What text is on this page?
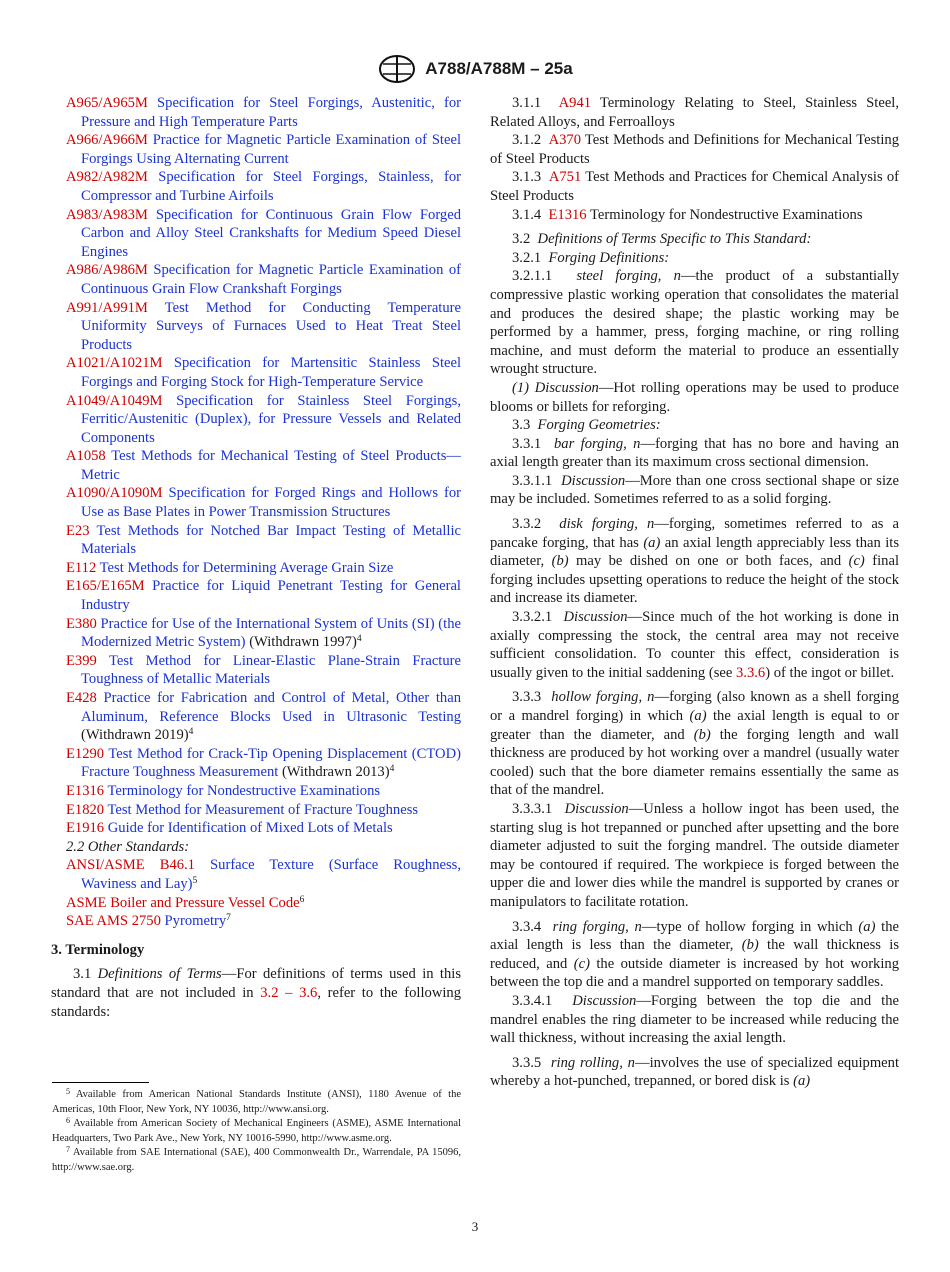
A788/A788M – 25a

A965/A965M Specification for Steel Forgings, Austenitic, for Pressure and High Temperature Parts

A966/A966M Practice for Magnetic Particle Examination of Steel Forgings Using Alternating Current

A982/A982M Specification for Steel Forgings, Stainless, for Compressor and Turbine Airfoils

A983/A983M Specification for Continuous Grain Flow Forged Carbon and Alloy Steel Crankshafts for Medium Speed Diesel Engines

A986/A986M Specification for Magnetic Particle Examination of Continuous Grain Flow Crankshaft Forgings

A991/A991M Test Method for Conducting Temperature Uniformity Surveys of Furnaces Used to Heat Treat Steel Products

A1021/A1021M Specification for Martensitic Stainless Steel Forgings and Forging Stock for High-Temperature Service

A1049/A1049M Specification for Stainless Steel Forgings, Ferritic/Austenitic (Duplex), for Pressure Vessels and Related Components

A1058 Test Methods for Mechanical Testing of Steel Products—Metric

A1090/A1090M Specification for Forged Rings and Hollows for Use as Base Plates in Power Transmission Structures

E23 Test Methods for Notched Bar Impact Testing of Metallic Materials

E112 Test Methods for Determining Average Grain Size

E165/E165M Practice for Liquid Penetrant Testing for General Industry

E380 Practice for Use of the International System of Units (SI) (the Modernized Metric System) (Withdrawn 1997)$^4$

E399 Test Method for Linear-Elastic Plane-Strain Fracture Toughness of Metallic Materials

E428 Practice for Fabrication and Control of Metal, Other than Aluminum, Reference Blocks Used in Ultrasonic Testing (Withdrawn 2019)$^4$

E1290 Test Method for Crack-Tip Opening Displacement (CTOD) Fracture Toughness Measurement (Withdrawn 2013)$^4$

E1316 Terminology for Nondestructive Examinations

E1820 Test Method for Measurement of Fracture Toughness

E1916 Guide for Identification of Mixed Lots of Metals

2.2 Other Standards:

ANSI/ASME B46.1 Surface Texture (Surface Roughness, Waviness and Lay)$^5$

ASME Boiler and Pressure Vessel Code$^6$

SAE AMS 2750 Pyrometry$^7$

3. Terminology

3.1 Definitions of Terms—For definitions of terms used in this standard that are not included in 3.2 – 3.6, refer to the following standards:

3.1.1 A941 Terminology Relating to Steel, Stainless Steel, Related Alloys, and Ferroalloys

3.1.2 A370 Test Methods and Definitions for Mechanical Testing of Steel Products

3.1.3 A751 Test Methods and Practices for Chemical Analysis of Steel Products

3.1.4 E1316 Terminology for Nondestructive Examinations

3.2 Definitions of Terms Specific to This Standard:

3.2.1 Forging Definitions:

3.2.1.1 steel forging, n—the product of a substantially compressive plastic working operation that consolidates the material and produces the desired shape; the plastic working may be performed by a hammer, press, forging machine, or ring rolling machine, and must deform the material to produce an essentially wrought structure.

(1) Discussion—Hot rolling operations may be used to produce blooms or billets for reforging.

3.3 Forging Geometries:

3.3.1 bar forging, n—forging that has no bore and having an axial length greater than its maximum cross sectional dimension.

3.3.1.1 Discussion—More than one cross sectional shape or size may be included. Sometimes referred to as a solid forging.

3.3.2 disk forging, n—forging, sometimes referred to as a pancake forging, that has (a) an axial length appreciably less than its diameter, (b) may be dished on one or both faces, and (c) final forging includes upsetting operations to reduce the height of the stock and increase its diameter.

3.3.2.1 Discussion—Since much of the hot working is done in axially compressing the stock, the central area may not receive sufficient consolidation. To counter this effect, consideration is usually given to the initial saddening (see 3.3.6) of the ingot or billet.

3.3.3 hollow forging, n—forging (also known as a shell forging or a mandrel forging) in which (a) the axial length is equal to or greater than the diameter, and (b) the forging length and wall thickness are produced by hot working over a mandrel (usually water cooled) such that the bore diameter remains essentially the same as that of the mandrel.

3.3.3.1 Discussion—Unless a hollow ingot has been used, the starting slug is hot trepanned or punched after upsetting and the bore diameter adjusted to suit the forging mandrel. The outside diameter may be contoured if required. The workpiece is forged between the upper die and lower dies while the mandrel is supported by cranes or manipulators to facilitate rotation.

3.3.4 ring forging, n—type of hollow forging in which (a) the axial length is less than the diameter, (b) the wall thickness is reduced, and (c) the outside diameter is increased by hot working between the top die and a mandrel supported on temporary saddles.

3.3.4.1 Discussion—Forging between the top die and the mandrel enables the ring diameter to be increased while reducing the wall thickness, without increasing the axial length.

3.3.5 ring rolling, n—involves the use of specialized equipment whereby a hot-punched, trepanned, or bored disk is (a)

$^5$ Available from American National Standards Institute (ANSI), 1180 Avenue of the Americas, 10th Floor, New York, NY 10036, http://www.ansi.org.

$^6$ Available from American Society of Mechanical Engineers (ASME), ASME International Headquarters, Two Park Ave., New York, NY 10016-5990, http://www.asme.org.

$^7$ Available from SAE International (SAE), 400 Commonwealth Dr., Warrendale, PA 15096, http://www.sae.org.

3
